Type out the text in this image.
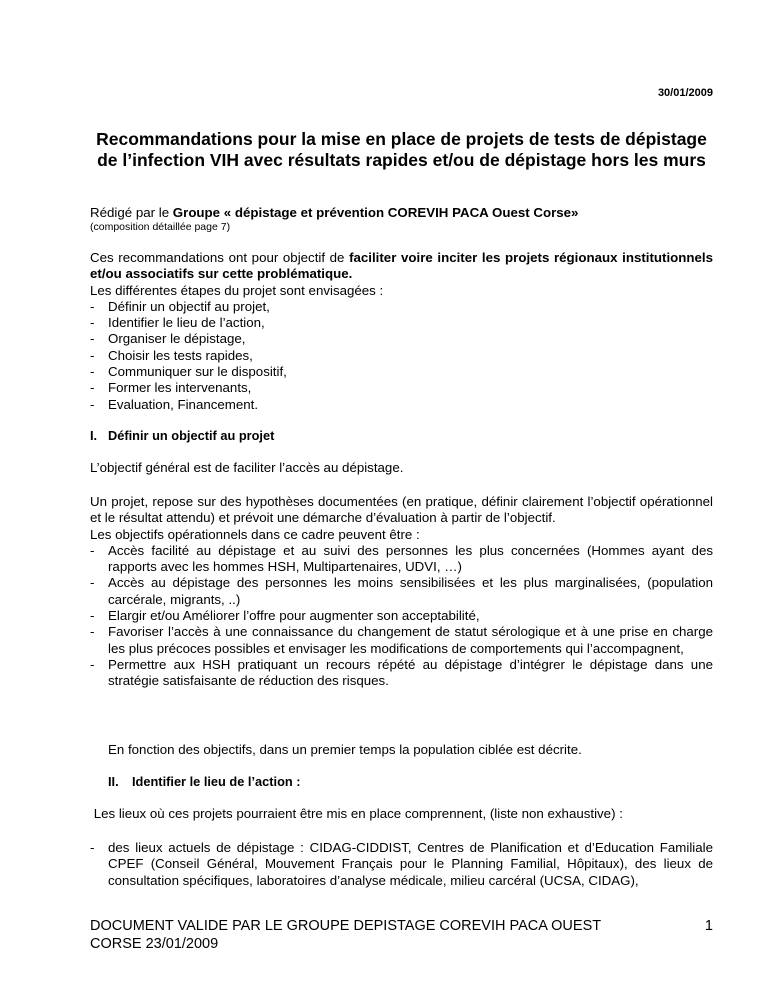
30/01/2009
Recommandations pour la mise en place de projets de tests de dépistage de l’infection VIH avec résultats rapides et/ou de dépistage hors les murs
Rédigé par le Groupe « dépistage et prévention COREVIH PACA Ouest Corse»
(composition détaillée page 7)
Ces recommandations ont pour objectif de faciliter voire inciter les projets régionaux institutionnels et/ou associatifs sur cette problématique.
Les différentes étapes du projet sont envisagées :
- Définir un objectif au projet,
- Identifier le lieu de l’action,
- Organiser le dépistage,
- Choisir les tests rapides,
- Communiquer sur le dispositif,
- Former les intervenants,
- Evaluation, Financement.
I. Définir un objectif au projet
L’objectif général est de faciliter l’accès au dépistage.
Un projet, repose sur des hypothèses documentées (en pratique, définir clairement l’objectif opérationnel et le résultat attendu) et prévoit une démarche d’évaluation à partir de l’objectif.
Les objectifs opérationnels dans ce cadre peuvent être :
- Accès facilité au dépistage et au suivi des personnes les plus concernées (Hommes ayant des rapports avec les hommes HSH, Multipartenaires, UDVI, …)
- Accès au dépistage des personnes les moins sensibilisées et les plus marginalisées, (population carcérale, migrants, ..)
- Elargir et/ou Améliorer l’offre pour augmenter son acceptabilité,
- Favoriser l’accès à une connaissance du changement de statut sérologique et à une prise en charge les plus précoces possibles et envisager les modifications de comportements qui l’accompagnent,
- Permettre aux HSH pratiquant un recours répété au dépistage d’intégrer le dépistage dans une stratégie satisfaisante de réduction des risques.
En fonction des objectifs, dans un premier temps la population ciblée est décrite.
II. Identifier le lieu de l’action :
Les lieux où ces projets pourraient être mis en place comprennent, (liste non exhaustive) :
- des lieux actuels de dépistage : CIDAG-CIDDIST, Centres de Planification et d’Education Familiale CPEF (Conseil Général, Mouvement Français pour le Planning Familial, Hôpitaux), des lieux de consultation spécifiques, laboratoires d’analyse médicale, milieu carcéral (UCSA, CIDAG),
DOCUMENT VALIDE PAR LE GROUPE DEPISTAGE COREVIH PACA OUEST CORSE 23/01/2009
1
